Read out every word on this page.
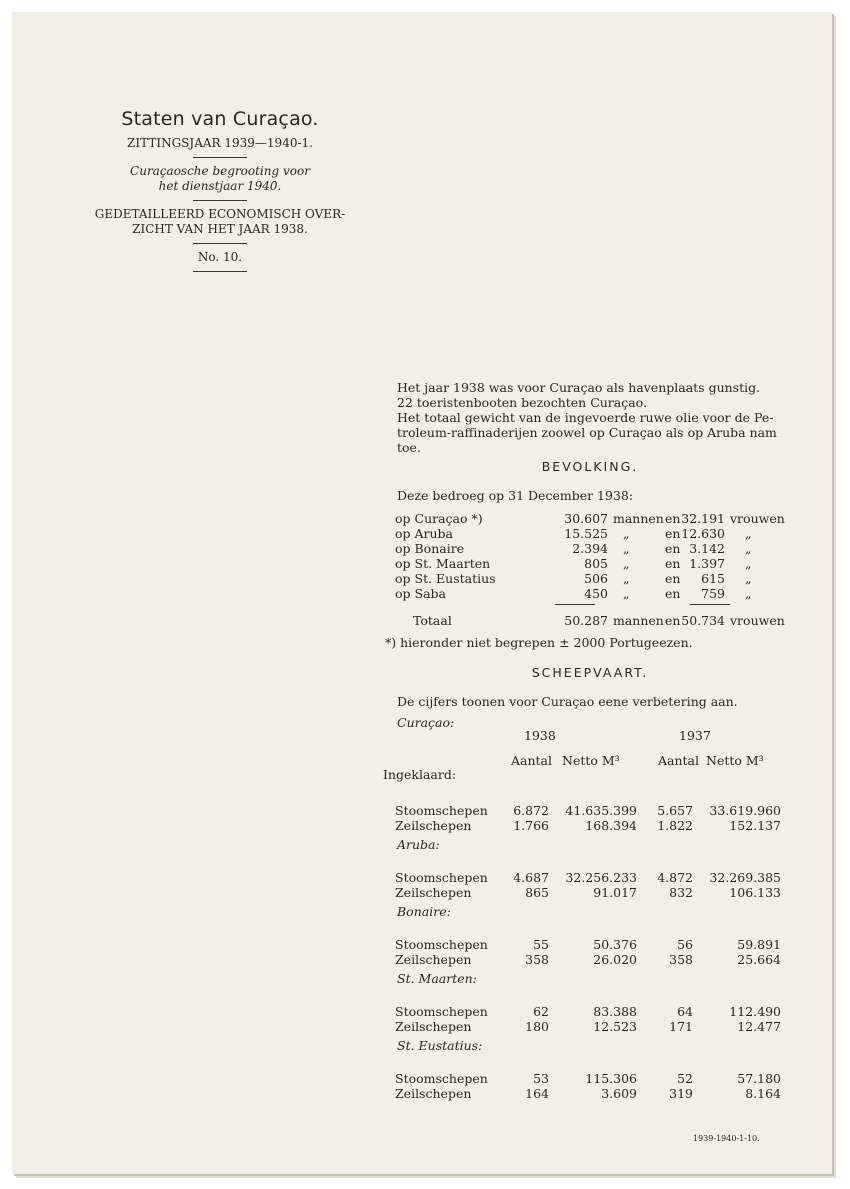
Staten van Curaçao.
ZITTINGSJAAR 1939—1940-1.
Curaçaosche begrooting voor
het dienstjaar 1940.
GEDETAILLEERD ECONOMISCH OVER-
ZICHT VAN HET JAAR 1938.
No. 10.

Het jaar 1938 was voor Curaçao als havenplaats gunstig.

22 toeristenbooten bezochten Curaçao.

Het totaal gewicht van de ingevoerde ruwe olie voor de Pe-

troleum-raffinaderijen zoowel op Curaçao als op Aruba nam

toe.

BEVOLKING.
Deze bedroeg op 31 December 1938:
op Curaçao *)	30.607 mannen en 32.191 vrouwen
op Aruba	15.525 „	en 12.630 „
op Bonaire	2.394 „	en 3.142 „
op St. Maarten	805 „	en 1.397 „
op St. Eustatius	506 „	en	615 „
op Saba	450 „	en	759 „
Totaal	50.287 mannen en 50.734 vrouwen
*) hieronder niet begrepen ± 2000 Portugeezen.
SCHEEPVAART.
De cijfers toonen voor Curaçao eene verbetering aan.
Curaçao:
1938	1937
Aantal Netto M³	Aantal Netto M³
Ingeklaard:
Stoomschepen	6.872	41.635.399	5.657	33.619.960
Zeilschepen	1.766	168.394	1.822	152.137
Aruba:
Stoomschepen	4.687	32.256.233	4.872	32.269.385
Zeilschepen	865	91.017	832	106.133
Bonaire:
Stoomschepen	55	50.376	56	59.891
Zeilschepen	358	26.020	358	25.664
St. Maarten:
Stoomschepen	62	83.388	64	112.490
Zeilschepen	180	12.523	171	12.477
St. Eustatius:
Stoomschepen	53	115.306	52	57.180
Zeilschepen	164	3.609	319	8.164
1939-1940-1-10.
